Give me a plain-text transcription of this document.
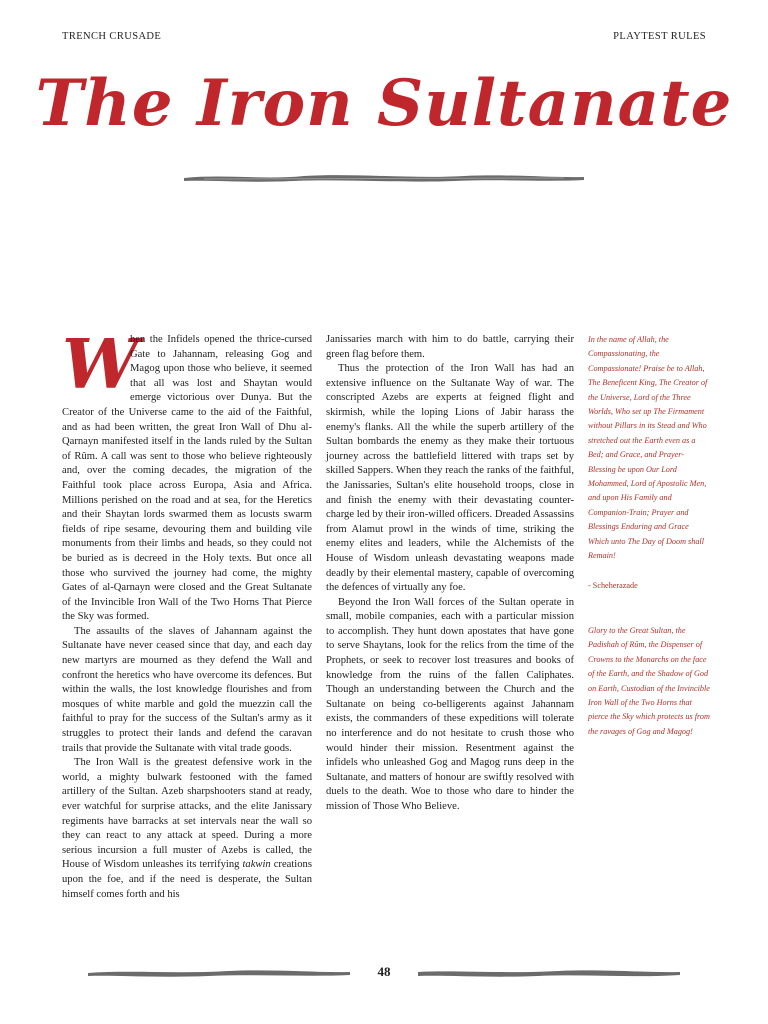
TRENCH CRUSADE	PLAYTEST RULES
The Iron Sultanate

W
hen the Infidels opened the thrice-cursed Gate to Jahannam, releasing Gog and Magog upon those who believe, it seemed that all was lost and Shaytan would emerge victorious over Dunya. But the Creator of the Universe came to the aid of the Faithful, and as had been written, the great Iron Wall of Dhu al-Qarnayn manifested itself in the lands ruled by the Sultan of Rûm. A call was sent to those who believe righteously and, over the coming decades, the migration of the Faithful took place across Europa, Asia and Africa. Millions perished on the road and at sea, for the Heretics and their Shaytan lords swarmed them as locusts swarm fields of ripe sesame, devouring them and building vile monuments from their limbs and heads, so they could not be buried as is decreed in the Holy texts. But once all those who survived the journey had come, the mighty Gates of al-Qarnayn were closed and the Great Sultanate of the Invincible Iron Wall of the Two Horns That Pierce the Sky was formed.

The assaults of the slaves of Jahannam against the Sultanate have never ceased since that day, and each day new martyrs are mourned as they defend the Wall and confront the heretics who have overcome its defences. But within the walls, the lost knowledge flourishes and from mosques of white marble and gold the muezzin call the faithful to pray for the success of the Sultan's army as it struggles to protect their lands and defend the caravan trails that provide the Sultanate with vital trade goods.

The Iron Wall is the greatest defensive work in the world, a mighty bulwark festooned with the famed artillery of the Sultan. Azeb sharpshooters stand at ready, ever watchful for surprise attacks, and the elite Janissary regiments have barracks at set intervals near the wall so they can react to any attack at speed. During a more serious incursion a full muster of Azebs is called, the House of Wisdom unleashes its terrifying takwin creations upon the foe, and if the need is desperate, the Sultan himself comes forth and his

Janissaries march with him to do battle, carrying their green flag before them.

Thus the protection of the Iron Wall has had an extensive influence on the Sultanate Way of war. The conscripted Azebs are experts at feigned flight and skirmish, while the loping Lions of Jabir harass the enemy's flanks. All the while the superb artillery of the Sultan bombards the enemy as they make their tortuous journey across the battlefield littered with traps set by skilled Sappers. When they reach the ranks of the faithful, the Janissaries, Sultan's elite household troops, close in and finish the enemy with their devastating counter-charge led by their iron-willed officers. Dreaded Assassins from Alamut prowl in the winds of time, striking the enemy elites and leaders, while the Alchemists of the House of Wisdom unleash devastating weapons made deadly by their elemental mastery, capable of overcoming the defences of virtually any foe.

Beyond the Iron Wall forces of the Sultan operate in small, mobile companies, each with a particular mission to accomplish. They hunt down apostates that have gone to serve Shaytans, look for the relics from the time of the Prophets, or seek to recover lost treasures and books of knowledge from the ruins of the fallen Caliphates. Though an understanding between the Church and the Sultanate on being co-belligerents against Jahannam exists, the commanders of these expeditions will tolerate no interference and do not hesitate to crush those who would hinder their mission. Resentment against the infidels who unleashed Gog and Magog runs deep in the Sultanate, and matters of honour are swiftly resolved with duels to the death. Woe to those who dare to hinder the mission of Those Who Believe.

In the name of Allah, the Compassionating, the Compassionate! Praise be to Allah, The Beneficent King, The Creator of the Universe, Lord of the Three Worlds, Who set up The Firmament without Pillars in its Stead and Who stretched out the Earth even as a Bed; and Grace, and Prayer-Blessing be upon Our Lord Mohammed, Lord of Apostolic Men, and upon His Family and Companion-Train; Prayer and Blessings Enduring and Grace Which unto The Day of Doom shall Remain!

- Scheherazade

Glory to the Great Sultan, the Padishah of Rûm, the Dispenser of Crowns to the Monarchs on the face of the Earth, and the Shadow of God on Earth, Custodian of the Invincible Iron Wall of the Two Horns that pierce the Sky which protects us from the ravages of Gog and Magog!

48
